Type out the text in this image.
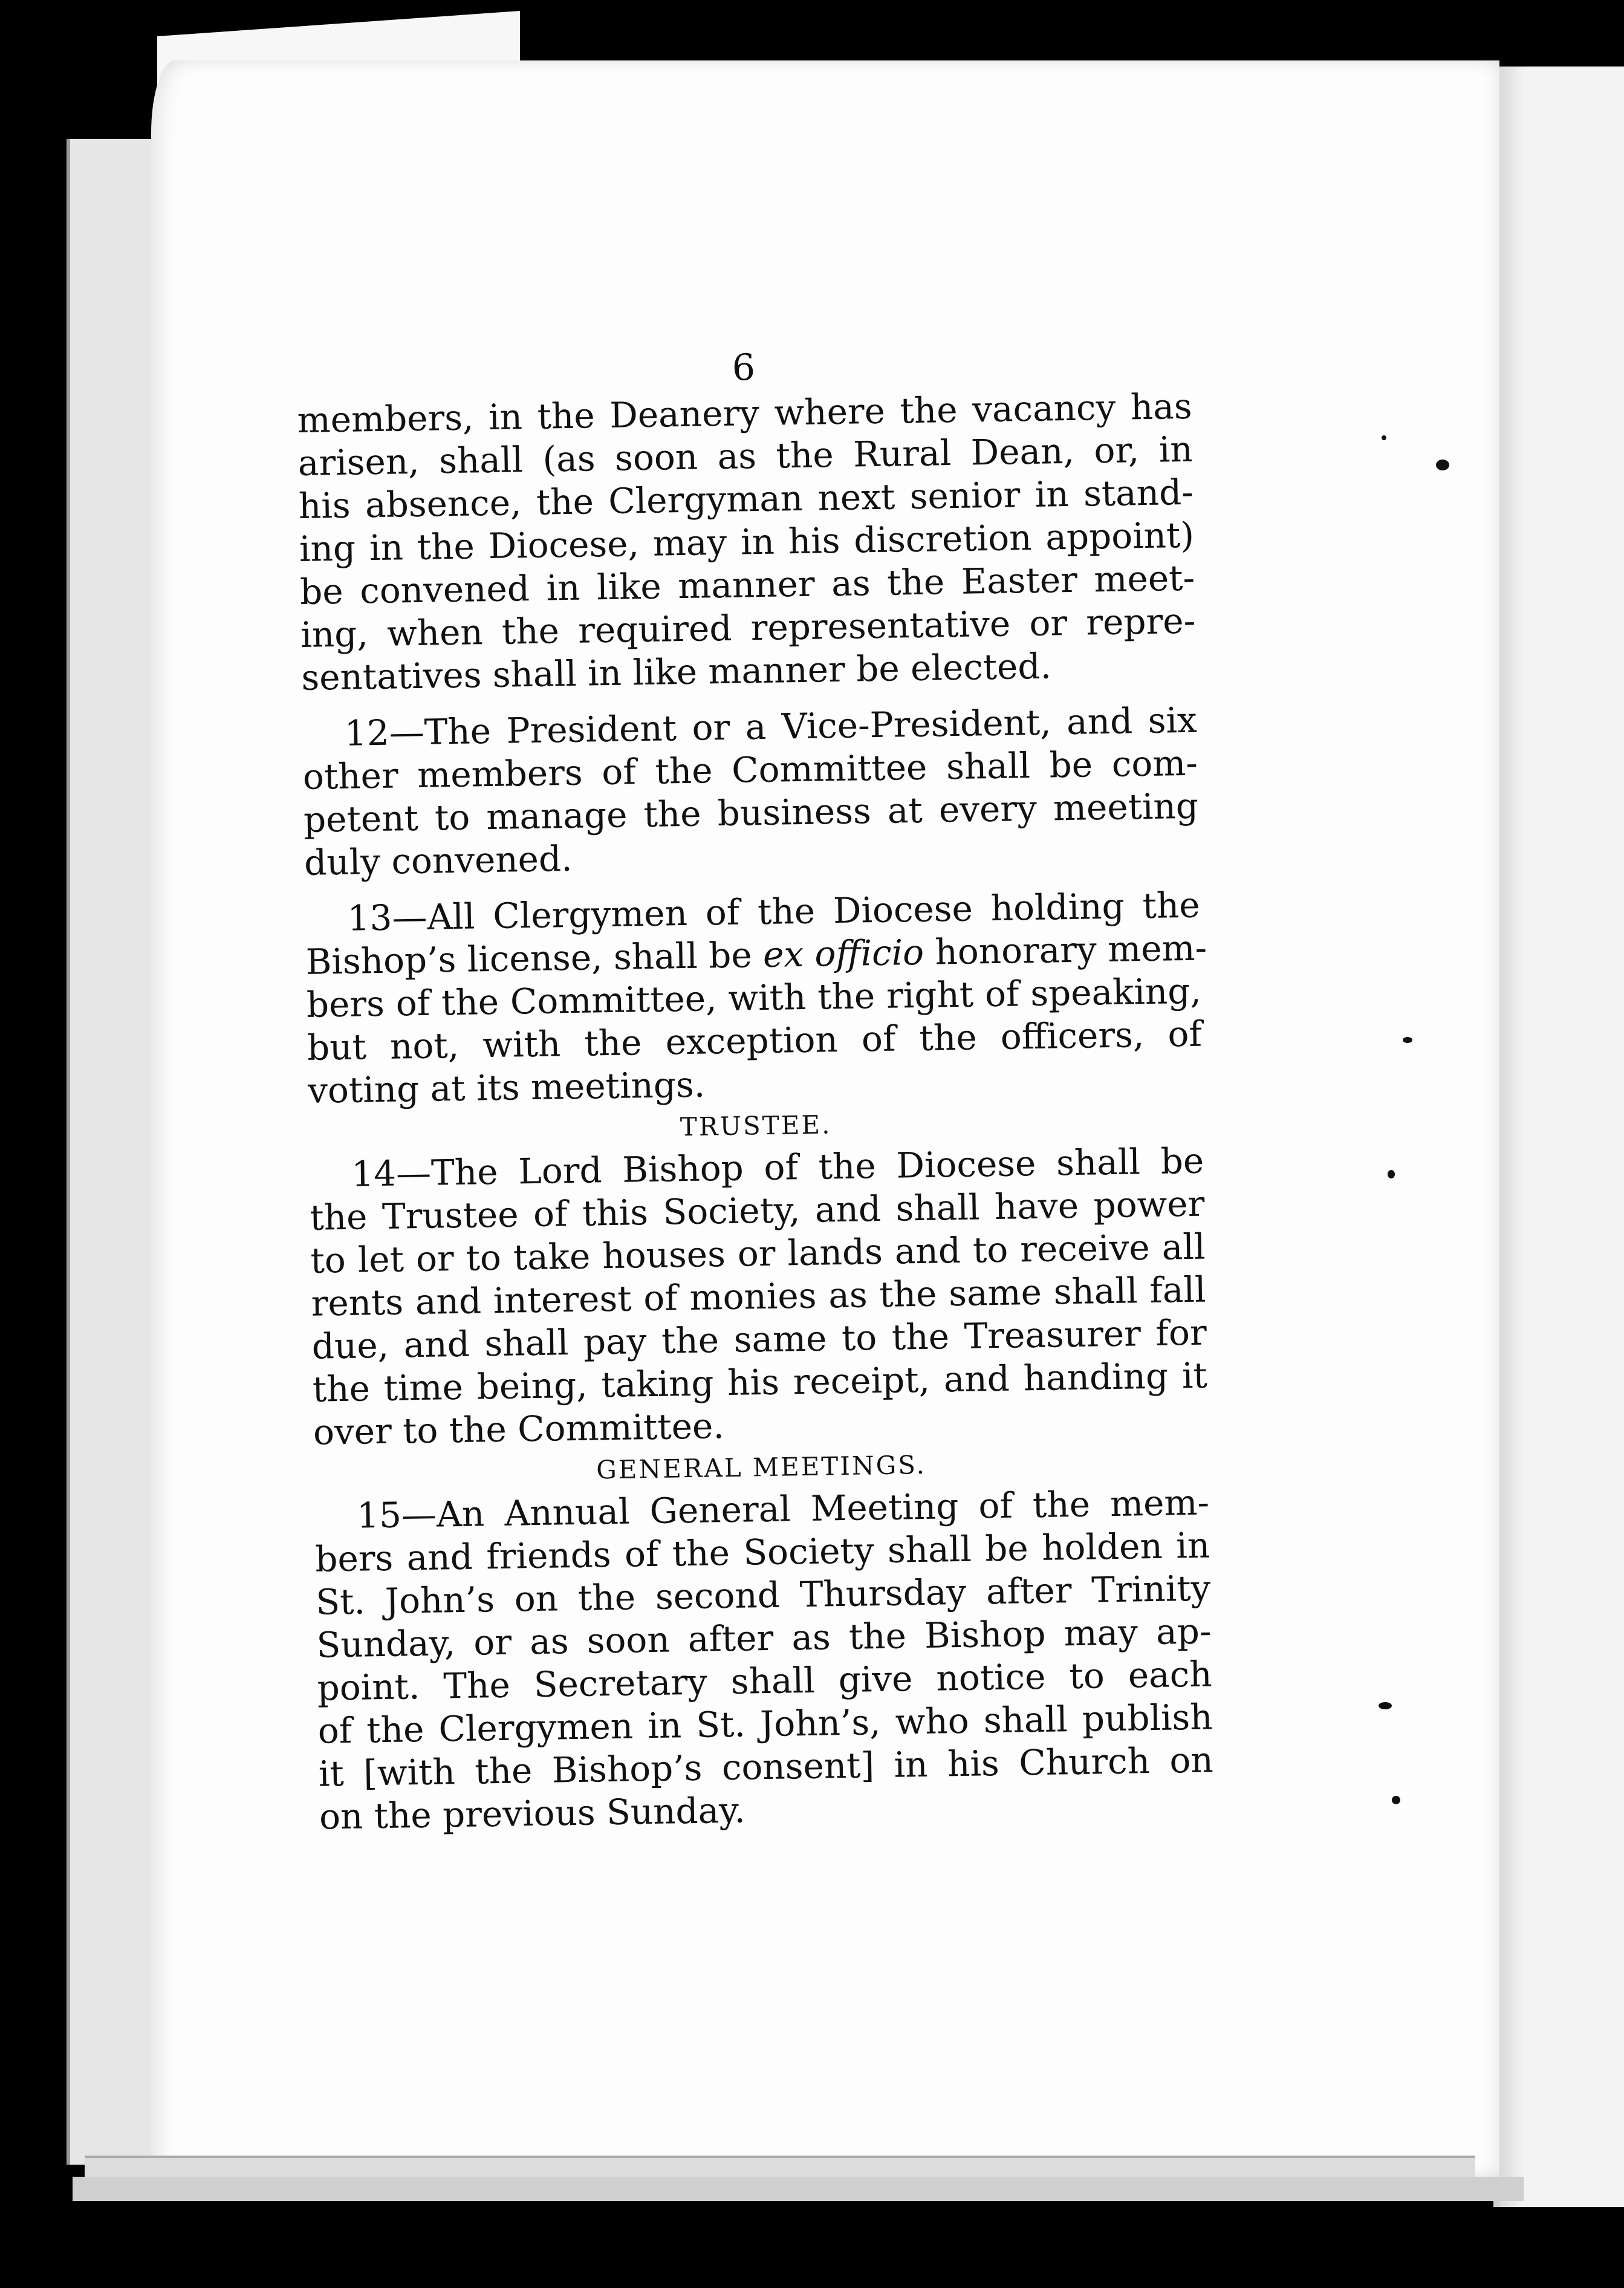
6
members, in the Deanery where the vacancy has
arisen, shall (as soon as the Rural Dean, or, in
his absence, the Clergyman next senior in stand-
ing in the Diocese, may in his discretion appoint)
be convened in like manner as the Easter meet-
ing, when the required representative or repre-
sentatives shall in like manner be elected.
12—The President or a Vice-President, and six
other members of the Committee shall be com-
petent to manage the business at every meeting
duly convened.
13—All Clergymen of the Diocese holding the
Bishop’s license, shall be ex officio honorary mem-
bers of the Committee, with the right of speaking,
but not, with the exception of the officers, of
voting at its meetings.
TRUSTEE.
14—The Lord Bishop of the Diocese shall be
the Trustee of this Society, and shall have power
to let or to take houses or lands and to receive all
rents and interest of monies as the same shall fall
due, and shall pay the same to the Treasurer for
the time being, taking his receipt, and handing it
over to the Committee.
GENERAL MEETINGS.
15—An Annual General Meeting of the mem-
bers and friends of the Society shall be holden in
St. John’s on the second Thursday after Trinity
Sunday, or as soon after as the Bishop may ap-
point. The Secretary shall give notice to each
of the Clergymen in St. John’s, who shall publish
it [with the Bishop’s consent] in his Church on
on the previous Sunday.
